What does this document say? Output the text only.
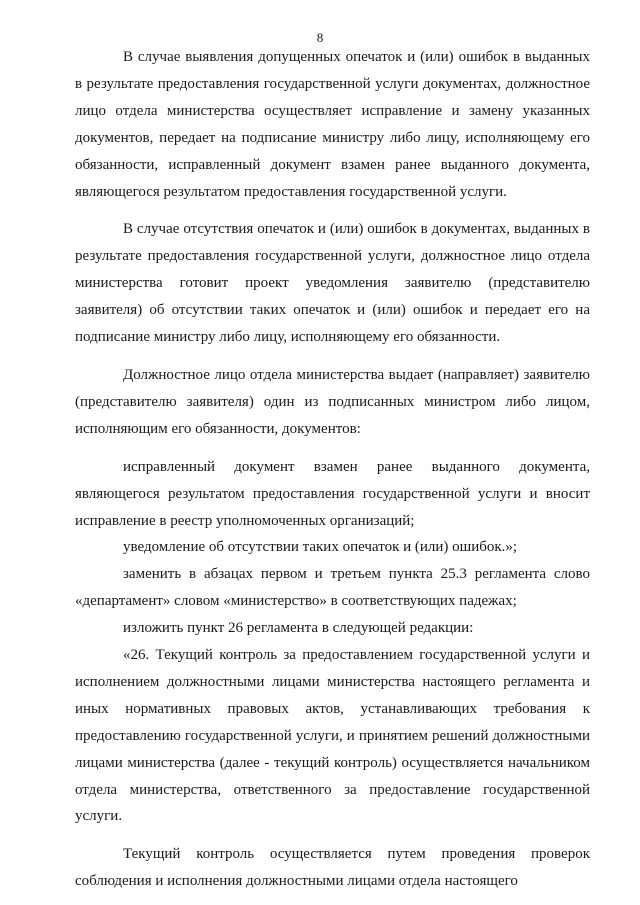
8

В случае выявления допущенных опечаток и (или) ошибок в выданных в результате предоставления государственной услуги документах, должностное лицо отдела министерства осуществляет исправление и замену указанных документов, передает на подписание министру либо лицу, исполняющему его обязанности, исправленный документ взамен ранее выданного документа, являющегося результатом предоставления государственной услуги.

В случае отсутствия опечаток и (или) ошибок в документах, выданных в результате предоставления государственной услуги, должностное лицо отдела министерства готовит проект уведомления заявителю (представителю заявителя) об отсутствии таких опечаток и (или) ошибок и передает его на подписание министру либо лицу, исполняющему его обязанности.

Должностное лицо отдела министерства выдает (направляет) заявителю (представителю заявителя) один из подписанных министром либо лицом, исполняющим его обязанности, документов:

исправленный документ взамен ранее выданного документа, являющегося результатом предоставления государственной услуги и вносит исправление в реестр уполномоченных организаций;

уведомление об отсутствии таких опечаток и (или) ошибок.»;

заменить в абзацах первом и третьем пункта 25.3 регламента слово «департамент» словом «министерство» в соответствующих падежах;

изложить пункт 26 регламента в следующей редакции:

«26. Текущий контроль за предоставлением государственной услуги и исполнением должностными лицами министерства настоящего регламента и иных нормативных правовых актов, устанавливающих требования к предоставлению государственной услуги, и принятием решений должностными лицами министерства (далее - текущий контроль) осуществляется начальником отдела министерства, ответственного за предоставление государственной услуги.

Текущий контроль осуществляется путем проведения проверок соблюдения и исполнения должностными лицами отдела настоящего
